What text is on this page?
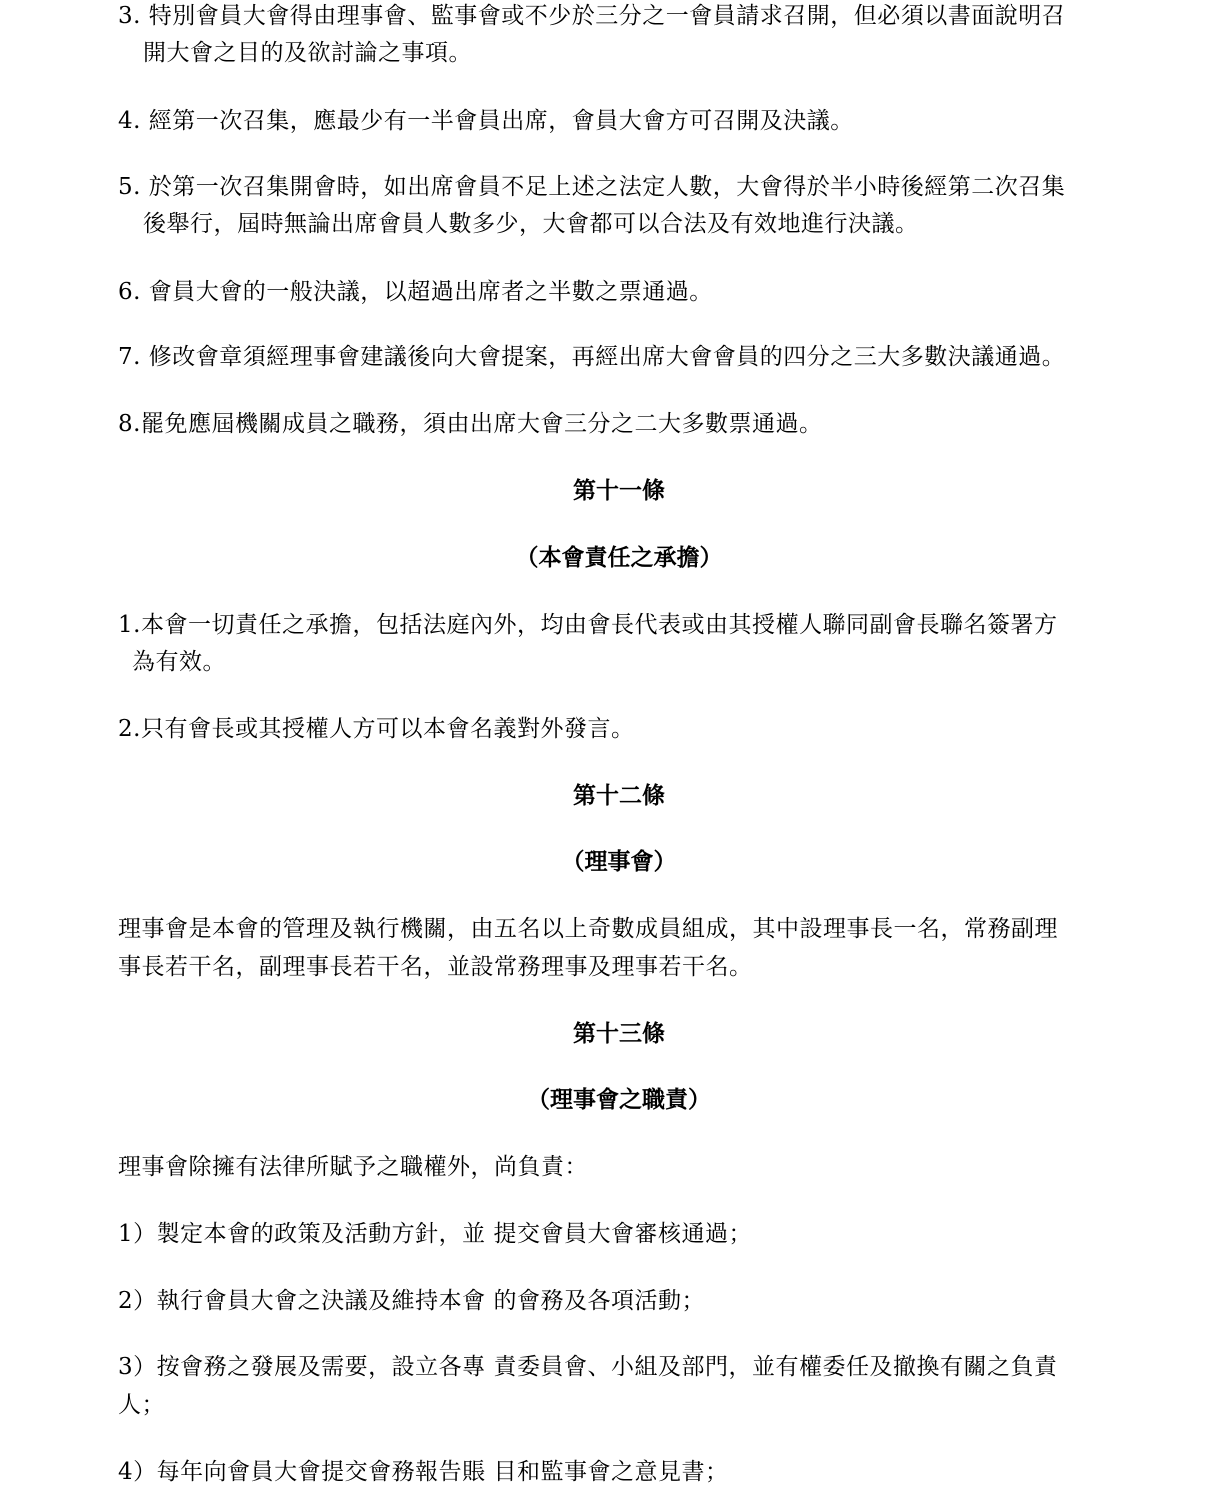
3. 特別會員大會得由理事會、監事會或不少於三分之一會員請求召開，但必須以書面說明召
開大會之目的及欲討論之事項。
4. 經第一次召集，應最少有一半會員出席，會員大會方可召開及決議。
5. 於第一次召集開會時，如出席會員不足上述之法定人數，大會得於半小時後經第二次召集
後舉行，屆時無論出席會員人數多少，大會都可以合法及有效地進行決議。
6. 會員大會的一般決議，以超過出席者之半數之票通過。
7. 修改會章須經理事會建議後向大會提案，再經出席大會會員的四分之三大多數決議通過。
8.罷免應屆機關成員之職務，須由出席大會三分之二大多數票通過。
第十一條
（本會責任之承擔）
1.本會一切責任之承擔，包括法庭內外，均由會長代表或由其授權人聯同副會長聯名簽署方
為有效。
2.只有會長或其授權人方可以本會名義對外發言。
第十二條
（理事會）
理事會是本會的管理及執行機關，由五名以上奇數成員組成，其中設理事長一名，常務副理
事長若干名，副理事長若干名，並設常務理事及理事若干名。
第十三條
（理事會之職責）
理事會除擁有法律所賦予之職權外，尚負責：
1）製定本會的政策及活動方針，並 提交會員大會審核通過；
2）執行會員大會之決議及維持本會 的會務及各項活動；
3）按會務之發展及需要，設立各專 責委員會、小組及部門，並有權委任及撤換有關之負責
人；
4）每年向會員大會提交會務報告賬 目和監事會之意見書；
